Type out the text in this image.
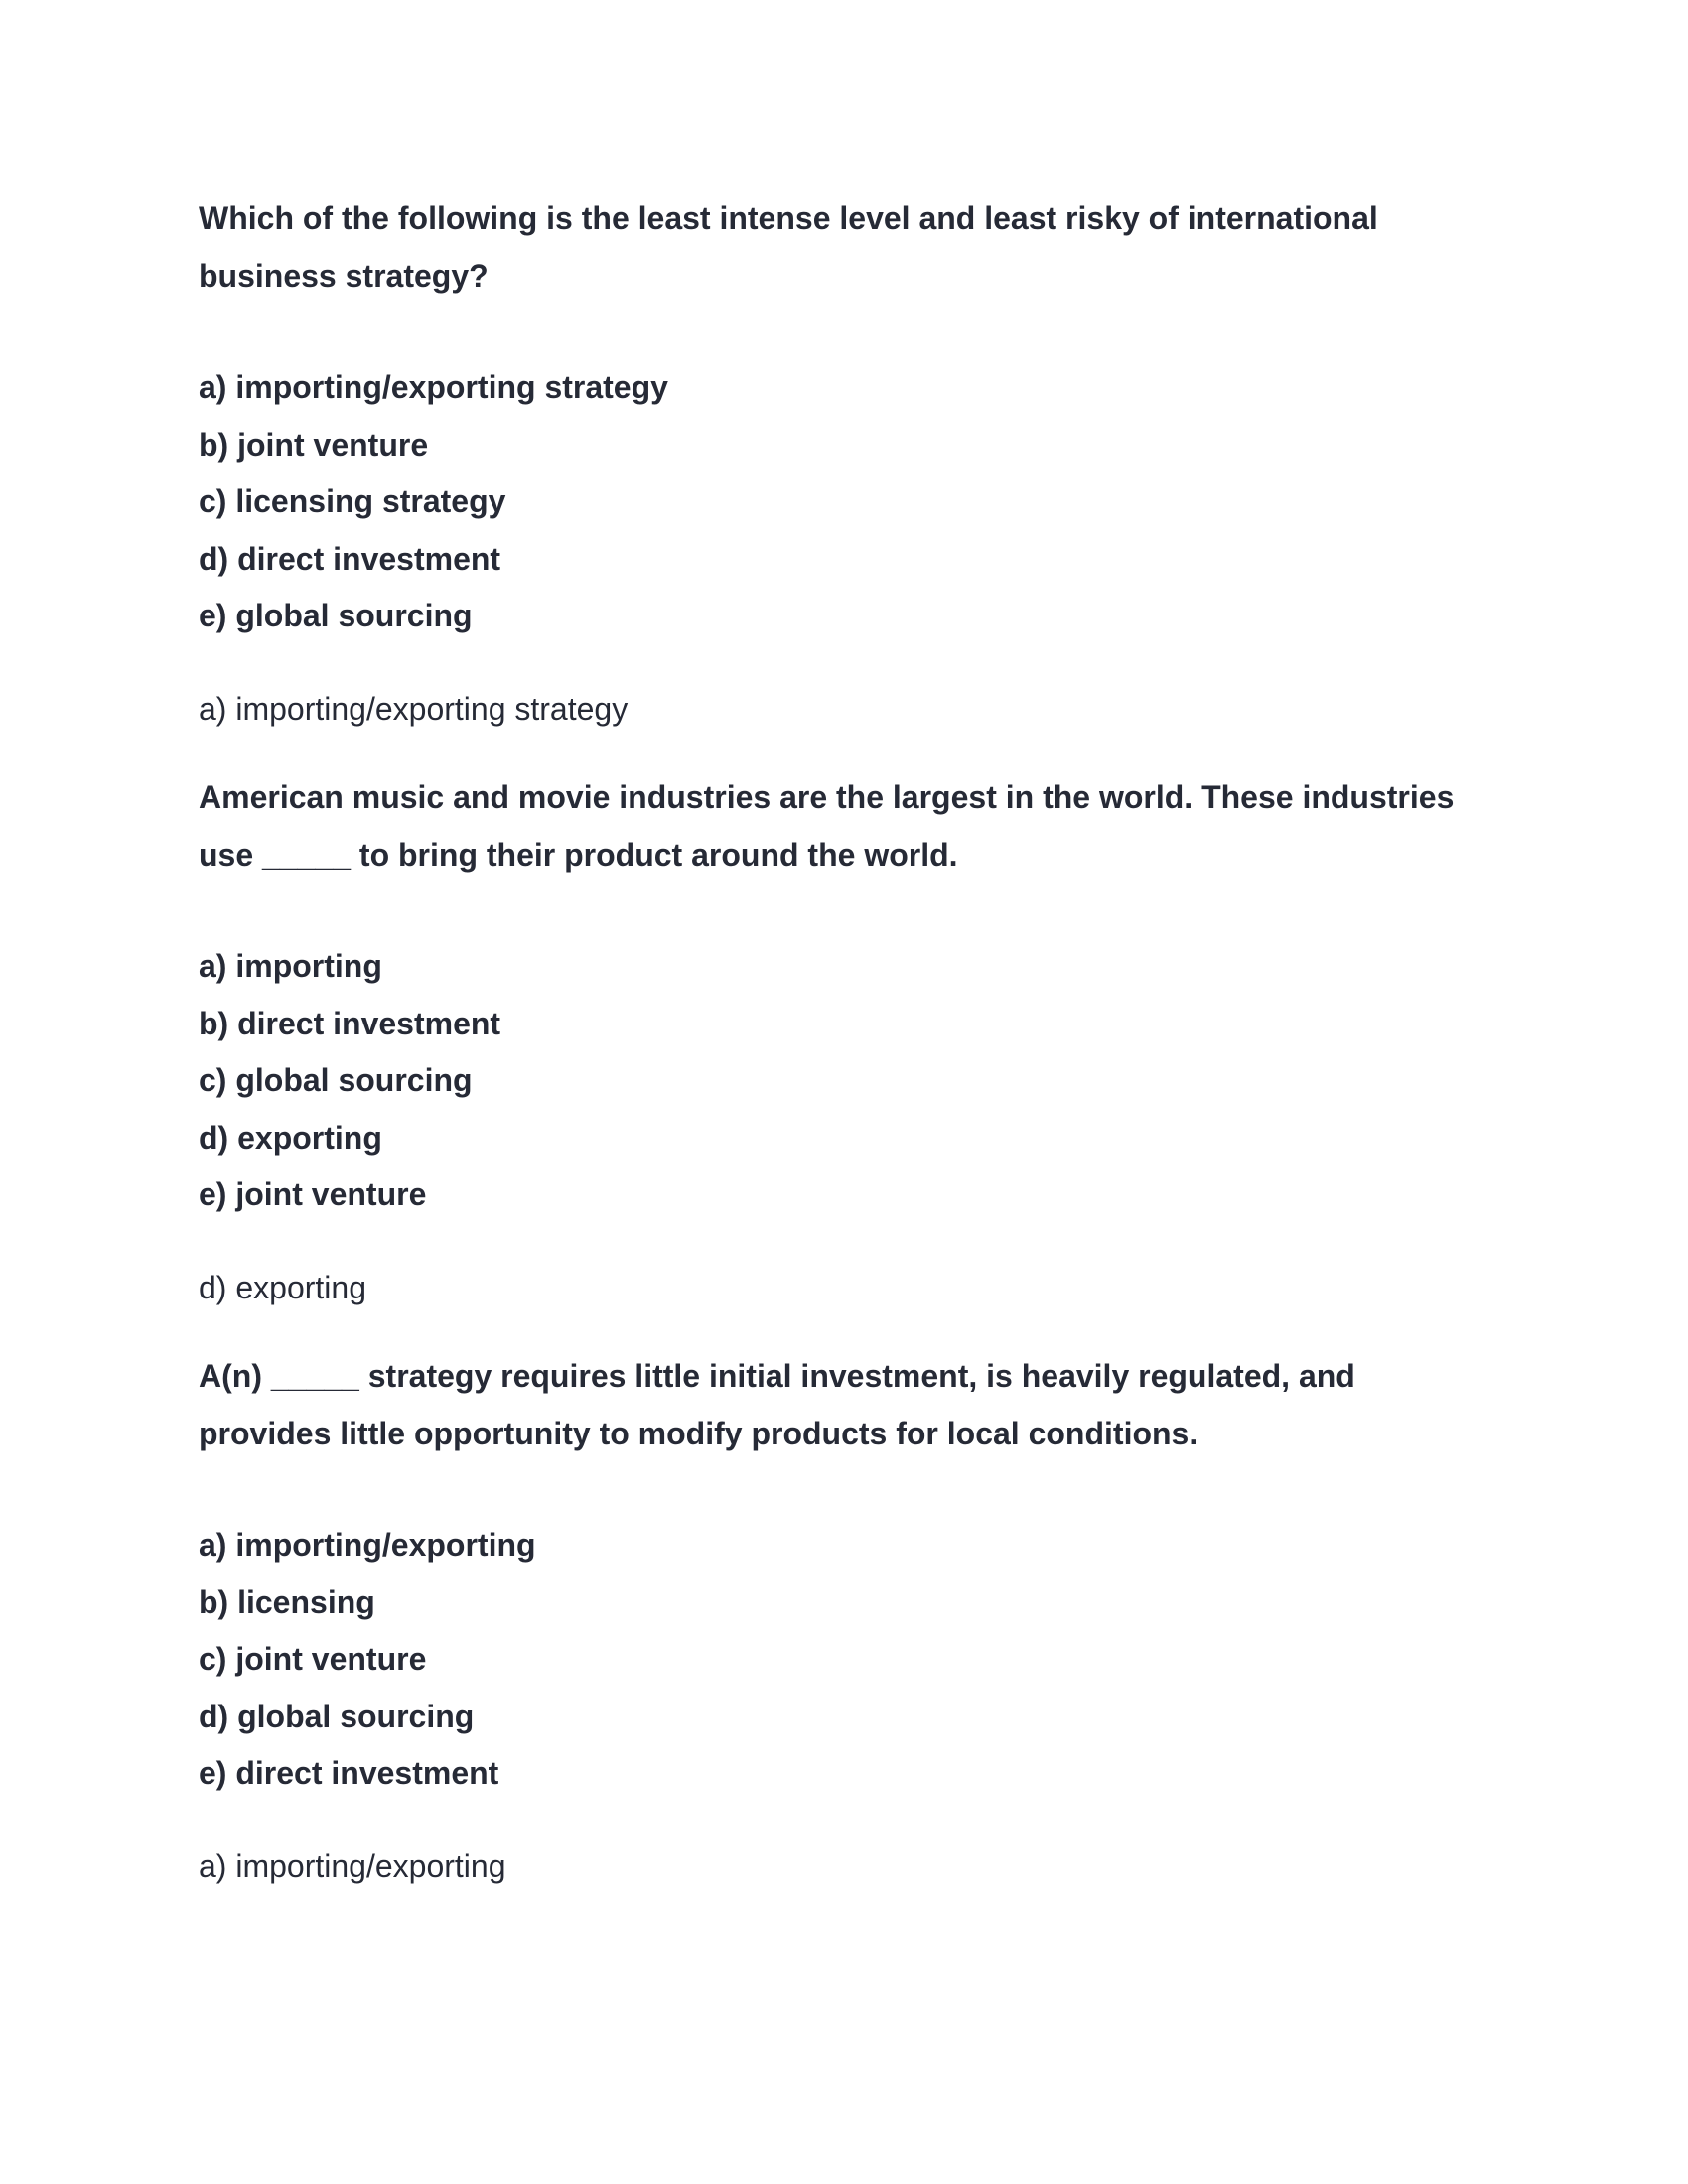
Which of the following is the least intense level and least risky of international business strategy?

a) importing/exporting strategy
b) joint venture
c) licensing strategy
d) direct investment
e) global sourcing

a) importing/exporting strategy

American music and movie industries are the largest in the world. These industries use _____ to bring their product around the world.

a) importing
b) direct investment
c) global sourcing
d) exporting
e) joint venture

d) exporting

A(n) _____ strategy requires little initial investment, is heavily regulated, and provides little opportunity to modify products for local conditions.

a) importing/exporting
b) licensing
c) joint venture
d) global sourcing
e) direct investment

a) importing/exporting
